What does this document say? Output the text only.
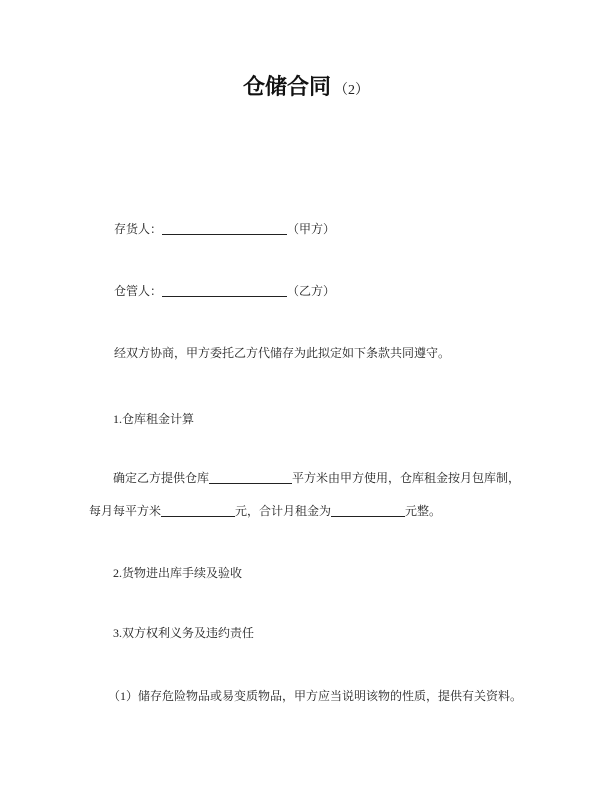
仓储合同 （2）
存货人：	（甲方）
仓管人：	（乙方）
经双方协商，甲方委托乙方代储存为此拟定如下条款共同遵守。
1.仓库租金计算
确定乙方提供仓库	平方米由甲方使用，仓库租金按月包库制，
每月每平方米	元，合计月租金为	元整。
2.货物进出库手续及验收
3.双方权利义务及违约责任
（1）储存危险物品或易变质物品，甲方应当说明该物的性质，提供有关资料。
